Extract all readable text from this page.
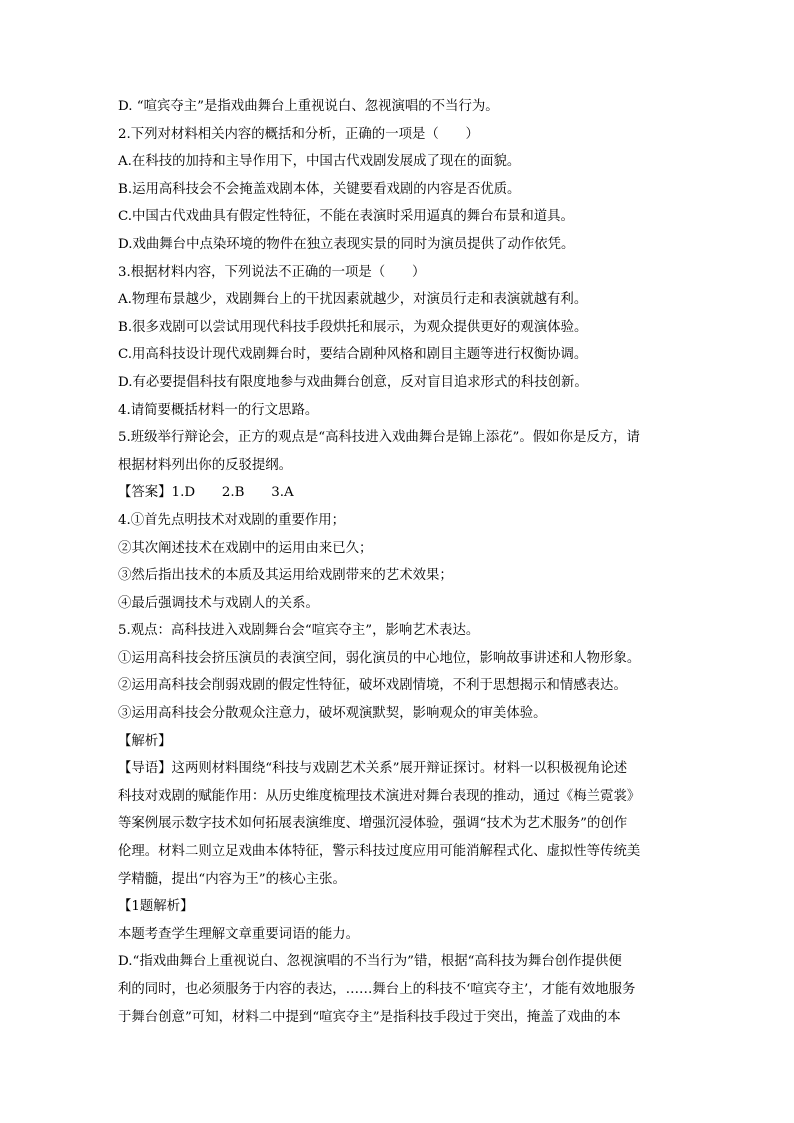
D. “喧宾夺主”是指戏曲舞台上重视说白、忽视演唱的不当行为。
2.下列对材料相关内容的概括和分析，正确的一项是（　　）
A.在科技的加持和主导作用下，中国古代戏剧发展成了现在的面貌。
B.运用高科技会不会掩盖戏剧本体，关键要看戏剧的内容是否优质。
C.中国古代戏曲具有假定性特征，不能在表演时采用逼真的舞台布景和道具。
D.戏曲舞台中点染环境的物件在独立表现实景的同时为演员提供了动作依凭。
3.根据材料内容，下列说法不正确的一项是（　　）
A.物理布景越少，戏剧舞台上的干扰因素就越少，对演员行走和表演就越有利。
B.很多戏剧可以尝试用现代科技手段烘托和展示，为观众提供更好的观演体验。
C.用高科技设计现代戏剧舞台时，要结合剧种风格和剧目主题等进行权衡协调。
D.有必要提倡科技有限度地参与戏曲舞台创意，反对盲目追求形式的科技创新。
4.请简要概括材料一的行文思路。
5.班级举行辩论会，正方的观点是“高科技进入戏曲舞台是锦上添花”。假如你是反方，请
根据材料列出你的反驳提纲。
【答案】1.D　　2.B　　3.A
4.①首先点明技术对戏剧的重要作用；
②其次阐述技术在戏剧中的运用由来已久；
③然后指出技术的本质及其运用给戏剧带来的艺术效果；
④最后强调技术与戏剧人的关系。
5.观点：高科技进入戏剧舞台会“喧宾夺主”，影响艺术表达。
①运用高科技会挤压演员的表演空间，弱化演员的中心地位，影响故事讲述和人物形象。
②运用高科技会削弱戏剧的假定性特征，破坏戏剧情境，不利于思想揭示和情感表达。
③运用高科技会分散观众注意力，破坏观演默契，影响观众的审美体验。
【解析】
【导语】这两则材料围绕“科技与戏剧艺术关系”展开辩证探讨。材料一以积极视角论述
科技对戏剧的赋能作用：从历史维度梳理技术演进对舞台表现的推动，通过《梅兰霓裳》
等案例展示数字技术如何拓展表演维度、增强沉浸体验，强调“技术为艺术服务”的创作
伦理。材料二则立足戏曲本体特征，警示科技过度应用可能消解程式化、虚拟性等传统美
学精髓，提出“内容为王”的核心主张。
【1题解析】
本题考查学生理解文章重要词语的能力。
D.“指戏曲舞台上重视说白、忽视演唱的不当行为”错，根据“高科技为舞台创作提供便
利的同时，也必须服务于内容的表达，……舞台上的科技不‘喧宾夺主’，才能有效地服务
于舞台创意”可知，材料二中提到“喧宾夺主”是指科技手段过于突出，掩盖了戏曲的本
